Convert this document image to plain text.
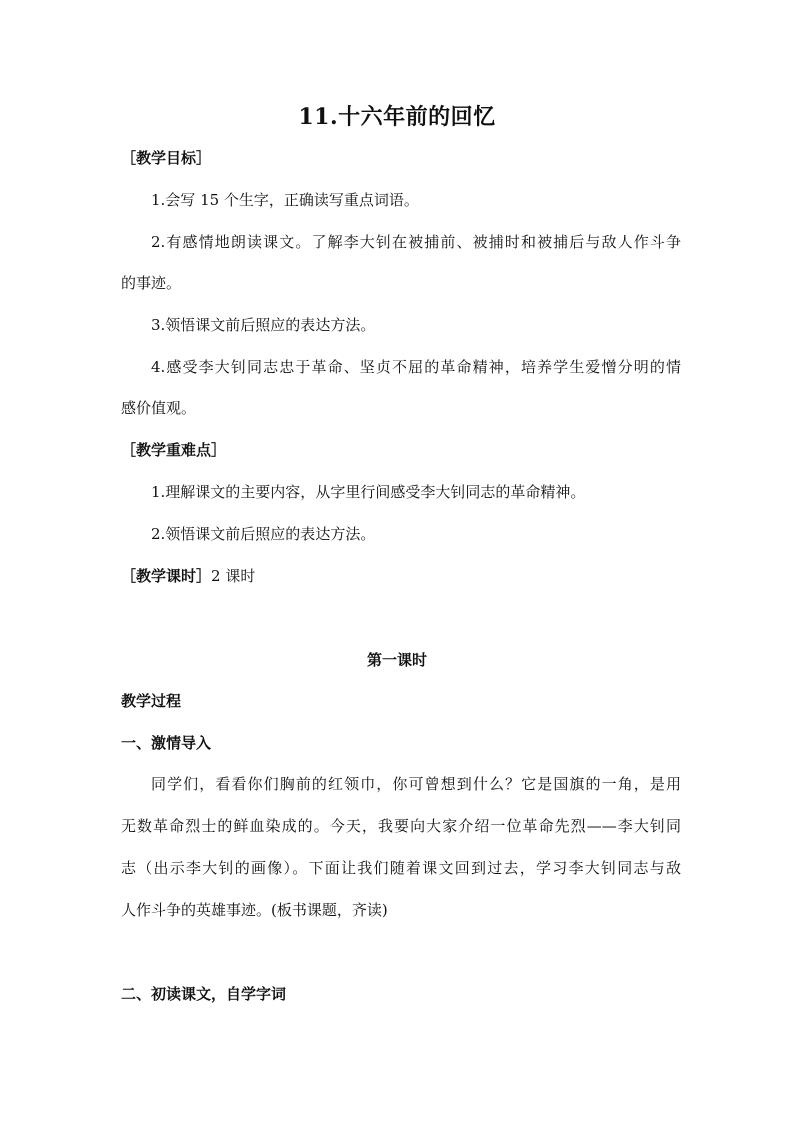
11.十六年前的回忆
［教学目标］
1.会写 15 个生字，正确读写重点词语。
2.有感情地朗读课文。了解李大钊在被捕前、被捕时和被捕后与敌人作斗争
的事迹。
3.领悟课文前后照应的表达方法。
4.感受李大钊同志忠于革命、坚贞不屈的革命精神，培养学生爱憎分明的情
感价值观。
［教学重难点］
1.理解课文的主要内容，从字里行间感受李大钊同志的革命精神。
2.领悟课文前后照应的表达方法。
［教学课时］2 课时
第一课时
教学过程
一、激情导入
同学们，看看你们胸前的红领巾，你可曾想到什么？它是国旗的一角，是用
无数革命烈士的鲜血染成的。今天，我要向大家介绍一位革命先烈——李大钊同
志（出示李大钊的画像）。下面让我们随着课文回到过去，学习李大钊同志与敌
人作斗争的英雄事迹。(板书课题，齐读)
二、初读课文，自学字词
